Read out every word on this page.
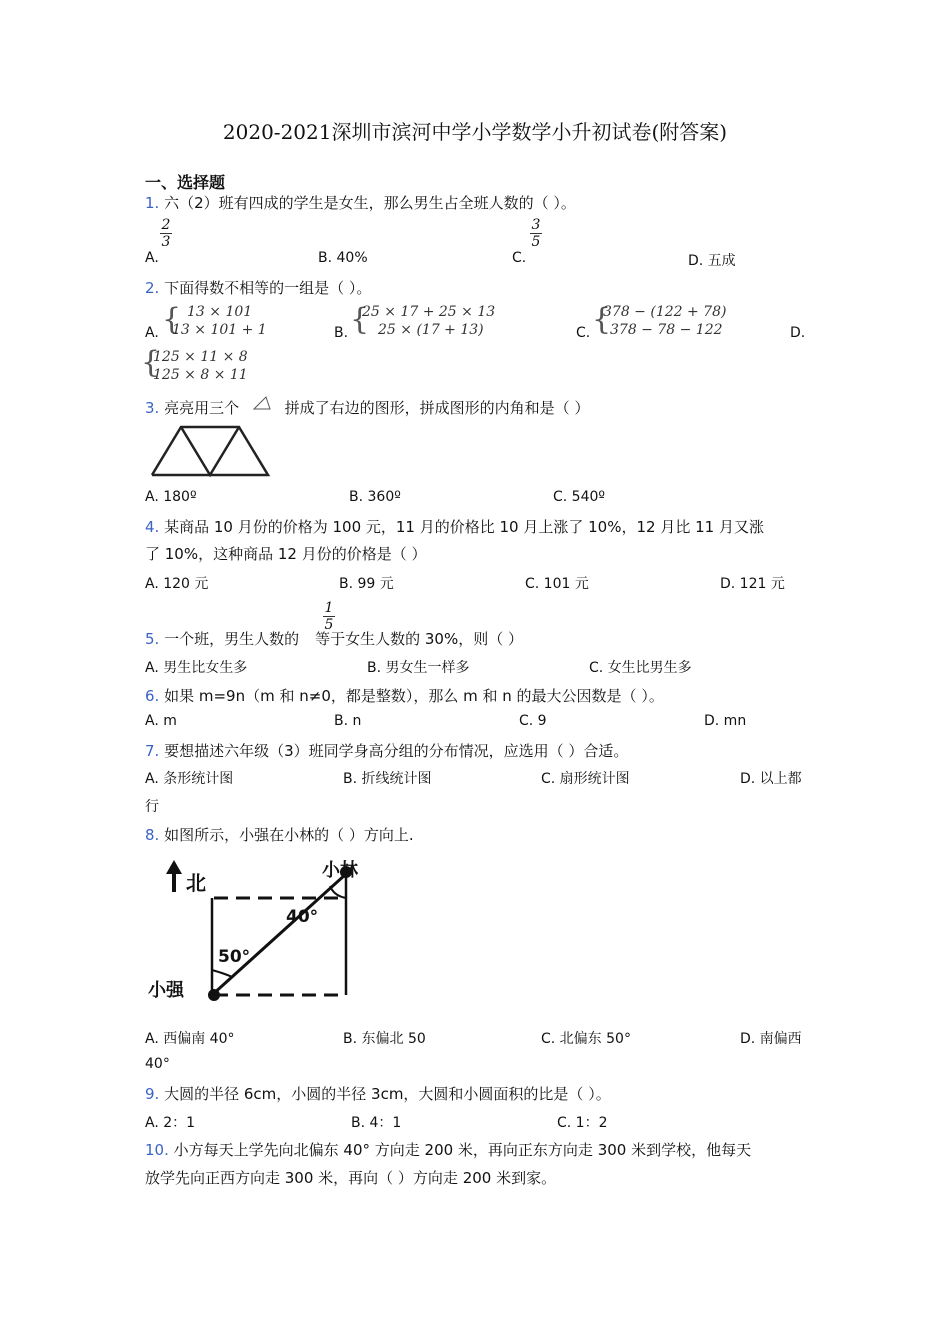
2020-2021深圳市滨河中学小学数学小升初试卷(附答案)
一、选择题
1. 六（2）班有四成的学生是女生，那么男生占全班人数的（ ）。
A.
2
3
B. 40%	C.
3
5
D. 五成
2. 下面得数不相等的一组是（ ）。
A. { 13 × 101
13 × 101 + 1	B. {
25 × 17 + 25 × 13
25 × (17 + 13)	C. {
378 − (122 + 78)
378 − 78 − 122	D.
{
125 × 11 × 8
125 × 8 × 11
3. 亮亮用三个	拼成了右边的图形，拼成图形的内角和是（ ）
A. 180º	B. 360º	C. 540º
4. 某商品 10 月份的价格为 100 元，11 月的价格比 10 月上涨了 10%，12 月比 11 月又涨
了 10%，这种商品 12 月份的价格是（ ）
A. 120 元	B. 99 元	C. 101 元	D. 121 元
5. 一个班，男生人数的 等于女生人数的 30%，则（ ）
1
5
A. 男生比女生多	B. 男女生一样多	C. 女生比男生多
6. 如果 m=9n（m 和 n≠0，都是整数），那么 m 和 n 的最大公因数是（ ）。
A. m	B. n	C. 9	D. mn
7. 要想描述六年级（3）班同学身高分组的分布情况，应选用（ ）合适。
A. 条形统计图	B. 折线统计图	C. 扇形统计图	D. 以上都
行
8. 如图所示，小强在小林的（ ）方向上.
北
小林
小强
40°
50°
A. 西偏南 40°	B. 东偏北 50	C. 北偏东 50°	D. 南偏西
40°
9. 大圆的半径 6cm，小圆的半径 3cm，大圆和小圆面积的比是（ ）。
A. 2：1	B. 4：1	C. 1：2
10. 小方每天上学先向北偏东 40° 方向走 200 米，再向正东方向走 300 米到学校，他每天
放学先向正西方向走 300 米，再向（ ）方向走 200 米到家。
